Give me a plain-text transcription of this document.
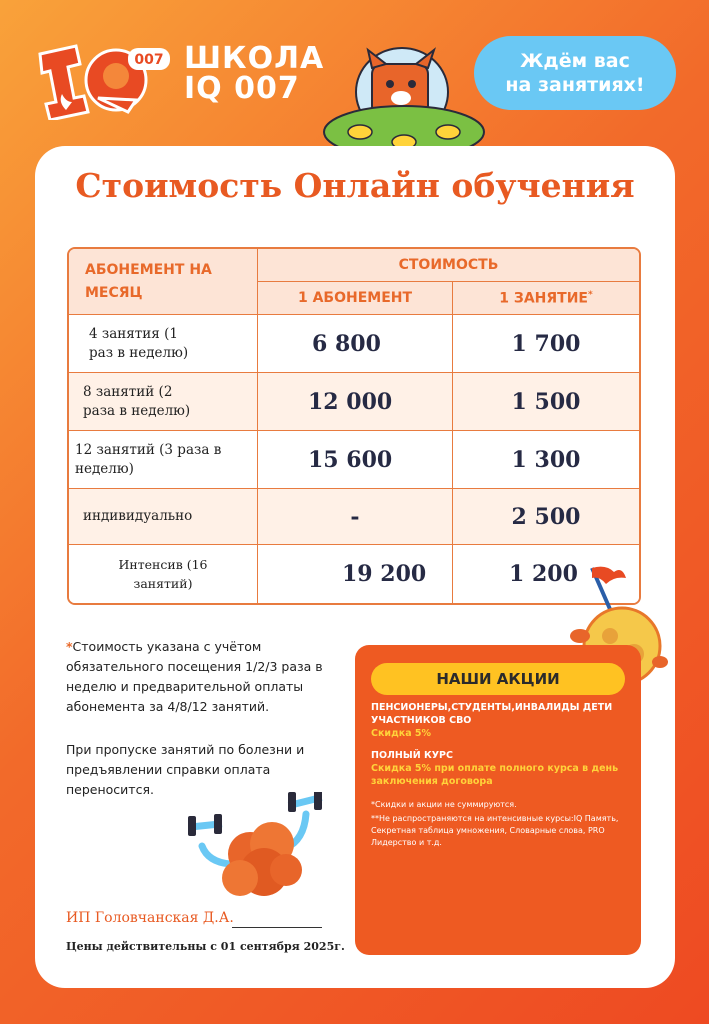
007 ШКОЛА
IQ 007
Ждём вас
на занятиях!
Стоимость Онлайн обучения
АБОНЕМЕНТ НА МЕСЯЦ	СТОИМОСТЬ	
	1 АБОНЕМЕНТ	1 ЗАНЯТИЕ*
4 занятия (1 раз в неделю)	6 800	1 700
8 занятий (2 раза в неделю)	12 000	1 500
12 занятий (3 раза в неделю)	15 600	1 300
индивидуально	-	2 500
Интенсив (16 занятий)	19 200	1 200
*Стоимость указана с учётом обязательного посещения 1/2/3 раза в неделю и предварительной оплаты абонемента за 4/8/12 занятий.
При пропуске занятий по болезни и предъявлении справки оплата переносится.
ИП Головчанская Д.А.
Цены действительны с 01 сентября 2025г.
НАШИ АКЦИИ
ПЕНСИОНЕРЫ,СТУДЕНТЫ,ИНВАЛИДЫ ДЕТИ УЧАСТНИКОВ СВО
Скидка 5%
ПОЛНЫЙ КУРС
Скидка 5% при оплате полного курса в день заключения договора
*Скидки и акции не суммируются.
**Не распространяются на интенсивные курсы:IQ Память, Секретная таблица умножения, Словарные слова, PRO Лидерство и т.д.
